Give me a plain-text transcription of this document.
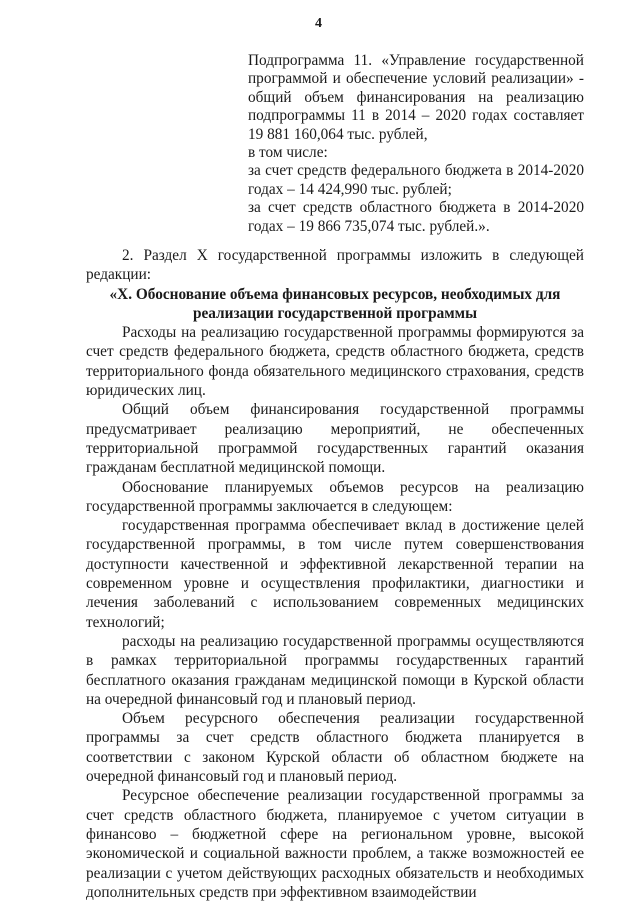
4
Подпрограмма 11. «Управление государственной
программой и обеспечение условий реализации» -
общий объем финансирования на реализацию
подпрограммы 11 в 2014 – 2020 годах составляет
19 881 160,064 тыс. рублей,
в том числе:
за счет средств федерального бюджета в 2014-2020
годах – 14 424,990 тыс. рублей;
за счет средств областного бюджета в 2014-2020
годах – 19 866 735,074 тыс. рублей.».

2. Раздел X государственной программы изложить в следующей редакции:

«X. Обоснование объема финансовых ресурсов, необходимых для реализации государственной программы

Расходы на реализацию государственной программы формируются за счет средств федерального бюджета, средств областного бюджета, средств территориального фонда обязательного медицинского страхования, средств юридических лиц.

Общий объем финансирования государственной программы предусматривает реализацию мероприятий, не обеспеченных территориальной программой государственных гарантий оказания гражданам бесплатной медицинской помощи.

Обоснование планируемых объемов ресурсов на реализацию государственной программы заключается в следующем:

государственная программа обеспечивает вклад в достижение целей государственной программы, в том числе путем совершенствования доступности качественной и эффективной лекарственной терапии на современном уровне и осуществления профилактики, диагностики и лечения заболеваний с использованием современных медицинских технологий;

расходы на реализацию государственной программы осуществляются в рамках территориальной программы государственных гарантий бесплатного оказания гражданам медицинской помощи в Курской области на очередной финансовый год и плановый период.

Объем ресурсного обеспечения реализации государственной программы за счет средств областного бюджета планируется в соответствии с законом Курской области об областном бюджете на очередной финансовый год и плановый период.

Ресурсное обеспечение реализации государственной программы за счет средств областного бюджета, планируемое с учетом ситуации в финансово – бюджетной сфере на региональном уровне, высокой экономической и социальной важности проблем, а также возможностей ее реализации с учетом действующих расходных обязательств и необходимых дополнительных средств при эффективном взаимодействии
